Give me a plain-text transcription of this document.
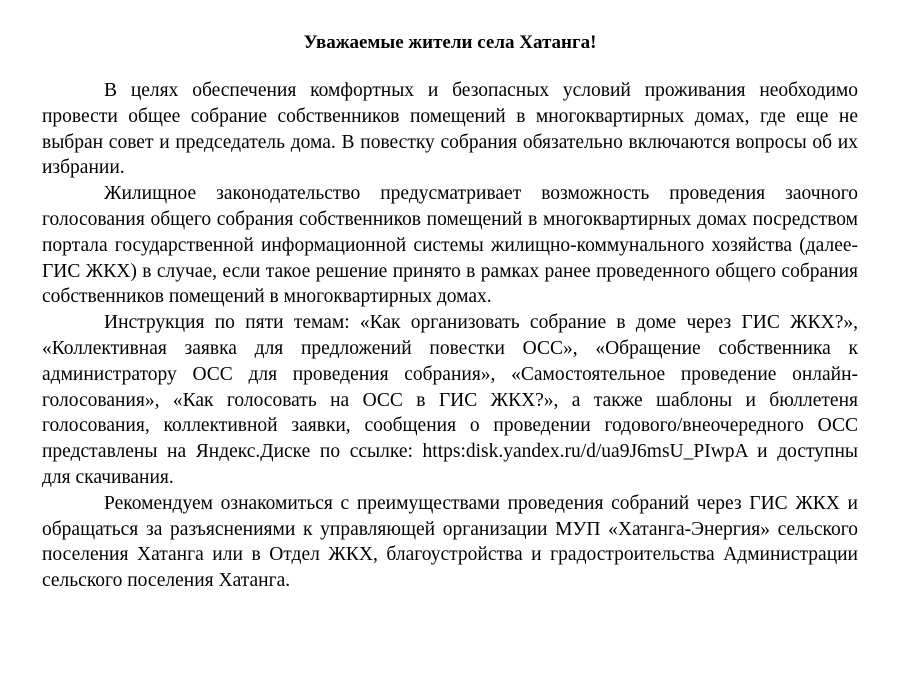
Уважаемые жители села Хатанга!

В целях обеспечения комфортных и безопасных условий проживания необходимо провести общее собрание собственников помещений в многоквартирных домах, где еще не выбран совет и председатель дома. В повестку собрания обязательно включаются вопросы об их избрании.

Жилищное законодательство предусматривает возможность проведения заочного голосования общего собрания собственников помещений в многоквартирных домах посредством портала государственной информационной системы жилищно-коммунального хозяйства (далее-ГИС ЖКХ) в случае, если такое решение принято в рамках ранее проведенного общего собрания собственников помещений в многоквартирных домах.

Инструкция по пяти темам: «Как организовать собрание в доме через ГИС ЖКХ?», «Коллективная заявка для предложений повестки ОСС», «Обращение собственника к администратору ОСС для проведения собрания», «Самостоятельное проведение онлайн-голосования», «Как голосовать на ОСС в ГИС ЖКХ?», а также шаблоны и бюллетеня голосования, коллективной заявки, сообщения о проведении годового/внеочередного ОСС представлены на Яндекс.Диске по ссылке: https:disk.yandex.ru/d/ua9J6msU_PIwpA и доступны для скачивания.

Рекомендуем ознакомиться с преимуществами проведения собраний через ГИС ЖКХ и обращаться за разъяснениями к управляющей организации МУП «Хатанга-Энергия» сельского поселения Хатанга или в Отдел ЖКХ, благоустройства и градостроительства Администрации сельского поселения Хатанга.
